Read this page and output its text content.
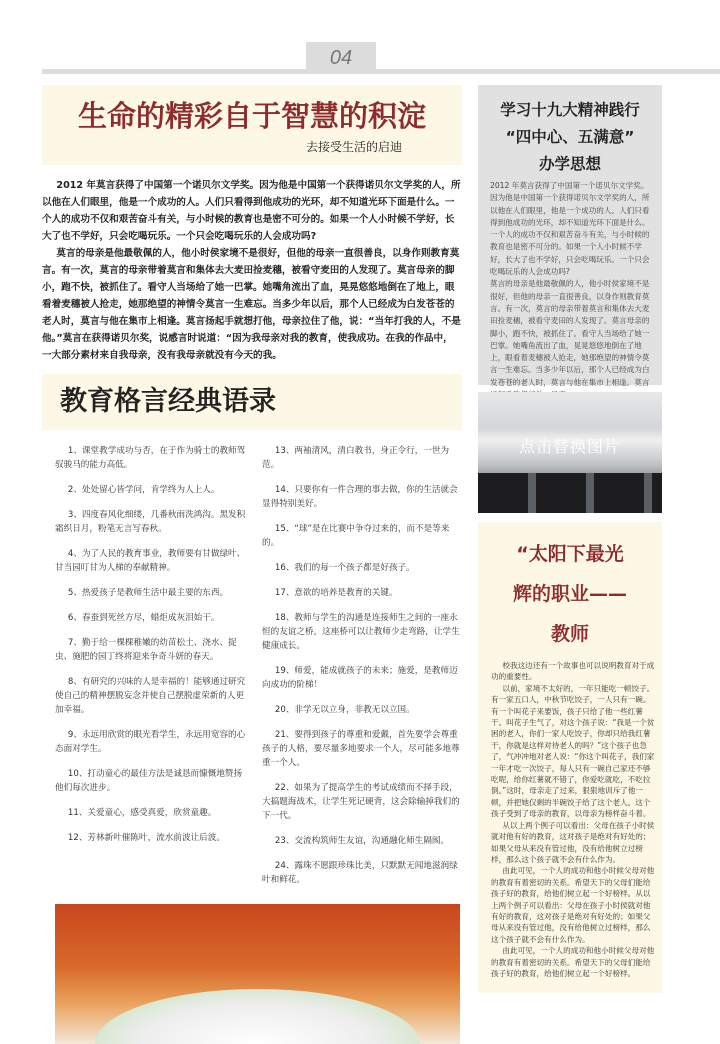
04
生命的精彩自于智慧的积淀
去接受生活的启迪

2012 年莫言获得了中国第一个诺贝尔文学奖。因为他是中国第一个获得诺贝尔文学奖的人，所以他在人们眼里，他是一个成功的人。人们只看得到他成功的光环，却不知道光环下面是什么。一个人的成功不仅和艰苦奋斗有关，与小时候的教育也是密不可分的。如果一个人小时候不学好，长大了也不学好，只会吃喝玩乐。一个只会吃喝玩乐的人会成功吗?

莫言的母亲是他最敬佩的人，他小时侯家境不是很好，但他的母亲一直很善良，以身作则教育莫言。有一次，莫言的母亲带着莫言和集体去大麦田捡麦穗，被看守麦田的人发现了。莫言母亲的脚小，跑不快，被抓住了。看守人当场给了她一巴掌。她嘴角流出了血，晃晃悠悠地倒在了地上，眼看着麦穗被人抢走，她那绝望的神情令莫言一生难忘。当多少年以后，那个人已经成为白发苍苍的老人时，莫言与他在集市上相逢。莫言扬起手就想打他，母亲拉住了他，说：“当年打我的人，不是他。”莫言在获得诺贝尔奖，说感言时说道：“因为我母亲对我的教育，使我成功。在我的作品中，一大部分素材来自我母亲，没有我母亲就没有今天的我。

教育格言经典语录

1、课堂教学成功与否，在于作为骑士的教师驾驭骏马的能力高低。

2、处处留心皆学问，肯学终为人上人。

3、四度春风化细缕，几番秋雨洗鸿沟。黑发积霜织日月，粉笔无言写春秋。

4、为了人民的教育事业，教师要有甘做绿叶、甘当园叮甘为人梯的奉献精神。

5、热爱孩子是教师生活中最主要的东西。

6、春蚕到死丝方尽，蜡炬成灰泪始干。

7、勤于给一棵棵稚嫩的幼苗松土、浇水、捉虫、施肥的园丁终将迎来争奇斗妍的春天。

8、有研究的兴味的人是幸福的！能够通过研究使自己的精神摆脱妄念并使自己摆脱虚荣新的人更加幸福。

9、永远用欣赏的眼光看学生，永远用宽容的心态面对学生。

10、打动童心的最佳方法是诚恳而慷慨地赞扬他们每次进步。

11、关爱童心，感受真爱，欣赏童趣。

12、芳林新叶催陈叶，流水前波让后波。

13、两袖清风，清白教书，身正令行，一世为范。

14、只要你有一件合理的事去做，你的生活就会显得特别美好。

15、“球”是在比赛中争夺过来的，而不是等来的。

16、我们的每一个孩子都是好孩子。

17、意欲的培养是教育的关键。

18、教师与学生的沟通是连接师生之间的一座永恒的友谊之桥，这座桥可以让教师少走弯路，让学生健康成长。

19、师爱，能成就孩子的未来；施爱，是教师迈向成功的阶梯！

20、非学无以立身，非教无以立国。

21、要得到孩子的尊重和爱戴，首先要学会尊重孩子的人格，要尽量多地要求一个人，尽可能多地尊重一个人。

22、如果为了提高学生的考试成绩而不择手段，大搞题海战术，让学生死记硬背，这会除输掉我们的下一代。

23、交流构筑师生友谊，沟通融化师生隔阂。

24、露珠不愿跟珍珠比美，只默默无闻地滋润绿叶和鲜花。

学习十九大精神践行
“四中心、五满意”
办学思想
2012 年莫言获得了中国第一个诺贝尔文学奖。因为他是中国第一个获得诺贝尔文学奖的人，所以他在人们眼里，他是一个成功的人。人们只看得到他成功的光环，却不知道光环下面是什么。一个人的成功不仅和艰苦奋斗有关，与小时候的教育也是密不可分的。如果一个人小时候不学好，长大了也不学好，只会吃喝玩乐。一个只会吃喝玩乐的人会成功吗?
莫言的母亲是他最敬佩的人，他小时侯家境不是很好，但他的母亲一直很善良，以身作则教育莫言。有一次，莫言的母亲带着莫言和集体去大麦田捡麦穗，被看守麦田的人发现了。莫言母亲的脚小，跑不快，被抓住了。看守人当场给了她一巴掌。她嘴角流出了血，晃晃悠悠地倒在了地上，眼看着麦穗被人抢走，她那绝望的神情令莫言一生难忘。当多少年以后，那个人已经成为白发苍苍的老人时，莫言与他在集市上相逢。莫言
点击替换图片
“太阳下最光
辉的职业——
教师

校我这边还有一个故事也可以说明教育对于成功的重要性。

以前，家境不太好的，一年只能吃一顿饺子。有一家五口人，中秋节吃饺子，一人只有一碗。有一个叫花子来要饭，孩子只给了他一些红薯干。叫花子生气了，对这个孩子说：“我是一个贫困的老人，你们一家人吃饺子，你却只给我红薯干，你就是这样对待老人的吗？”这个孩子也急了，气冲冲地对老人说：“你这个叫花子，我们家一年才吃一次饺子，每人只有一碗自己家还不够吃呢，给你红薯就不错了，你爱吃就吃，不吃拉倒。”这时，母亲走了过来，狠狠地训斥了他一顿，并把她仅剩的半碗饺子给了这个老人。这个孩子受到了母亲的教育，以母亲为榜样奋斗着。

从以上两个例子可以看出：父母在孩子小时侯就对他有好的教育，这对孩子是绝对有好处的；如果父母从来没有管过他，没有给他树立过榜样，那么这个孩子就不会有什么作为。

由此可见，一个人的成功和他小时候父母对他的教育有着密切的关系。希望天下的父母们能给孩子好的教育，给他们树立起一个好榜样。从以上两个例子可以看出：父母在孩子小时侯就对他有好的教育，这对孩子是绝对有好处的；如果父母从来没有管过他，没有给他树立过榜样，那么这个孩子就不会有什么作为。

由此可见，一个人的成功和他小时候父母对他的教育有着密切的关系。希望天下的父母们能给孩子好的教育，给他们树立起一个好榜样。
